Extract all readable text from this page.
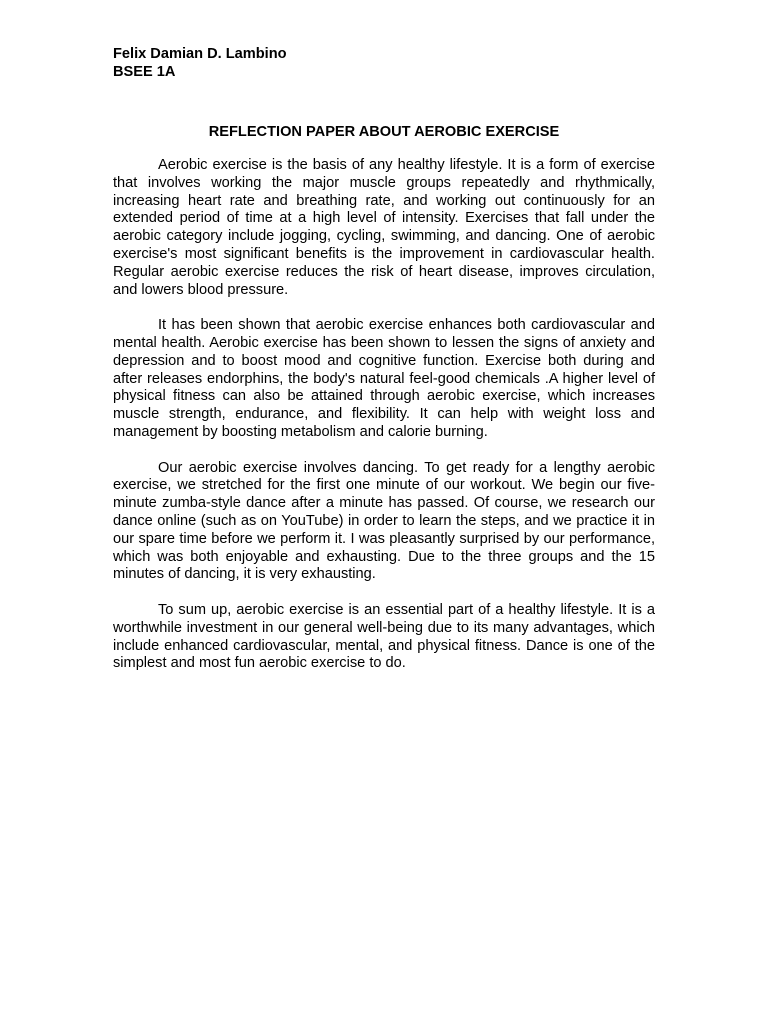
Felix Damian D. Lambino
BSEE 1A
REFLECTION PAPER ABOUT AEROBIC EXERCISE

Aerobic exercise is the basis of any healthy lifestyle. It is a form of exercise that involves working the major muscle groups repeatedly and rhythmically, increasing heart rate and breathing rate, and working out continuously for an extended period of time at a high level of intensity. Exercises that fall under the aerobic category include jogging, cycling, swimming, and dancing. One of aerobic exercise's most significant benefits is the improvement in cardiovascular health. Regular aerobic exercise reduces the risk of heart disease, improves circulation, and lowers blood pressure.

It has been shown that aerobic exercise enhances both cardiovascular and mental health. Aerobic exercise has been shown to lessen the signs of anxiety and depression and to boost mood and cognitive function. Exercise both during and after releases endorphins, the body's natural feel-good chemicals .A higher level of physical fitness can also be attained through aerobic exercise, which increases muscle strength, endurance, and flexibility. It can help with weight loss and management by boosting metabolism and calorie burning.

Our aerobic exercise involves dancing. To get ready for a lengthy aerobic exercise, we stretched for the first one minute of our workout. We begin our five-minute zumba-style dance after a minute has passed. Of course, we research our dance online (such as on YouTube) in order to learn the steps, and we practice it in our spare time before we perform it. I was pleasantly surprised by our performance, which was both enjoyable and exhausting. Due to the three groups and the 15 minutes of dancing, it is very exhausting.

To sum up, aerobic exercise is an essential part of a healthy lifestyle. It is a worthwhile investment in our general well-being due to its many advantages, which include enhanced cardiovascular, mental, and physical fitness. Dance is one of the simplest and most fun aerobic exercise to do.
